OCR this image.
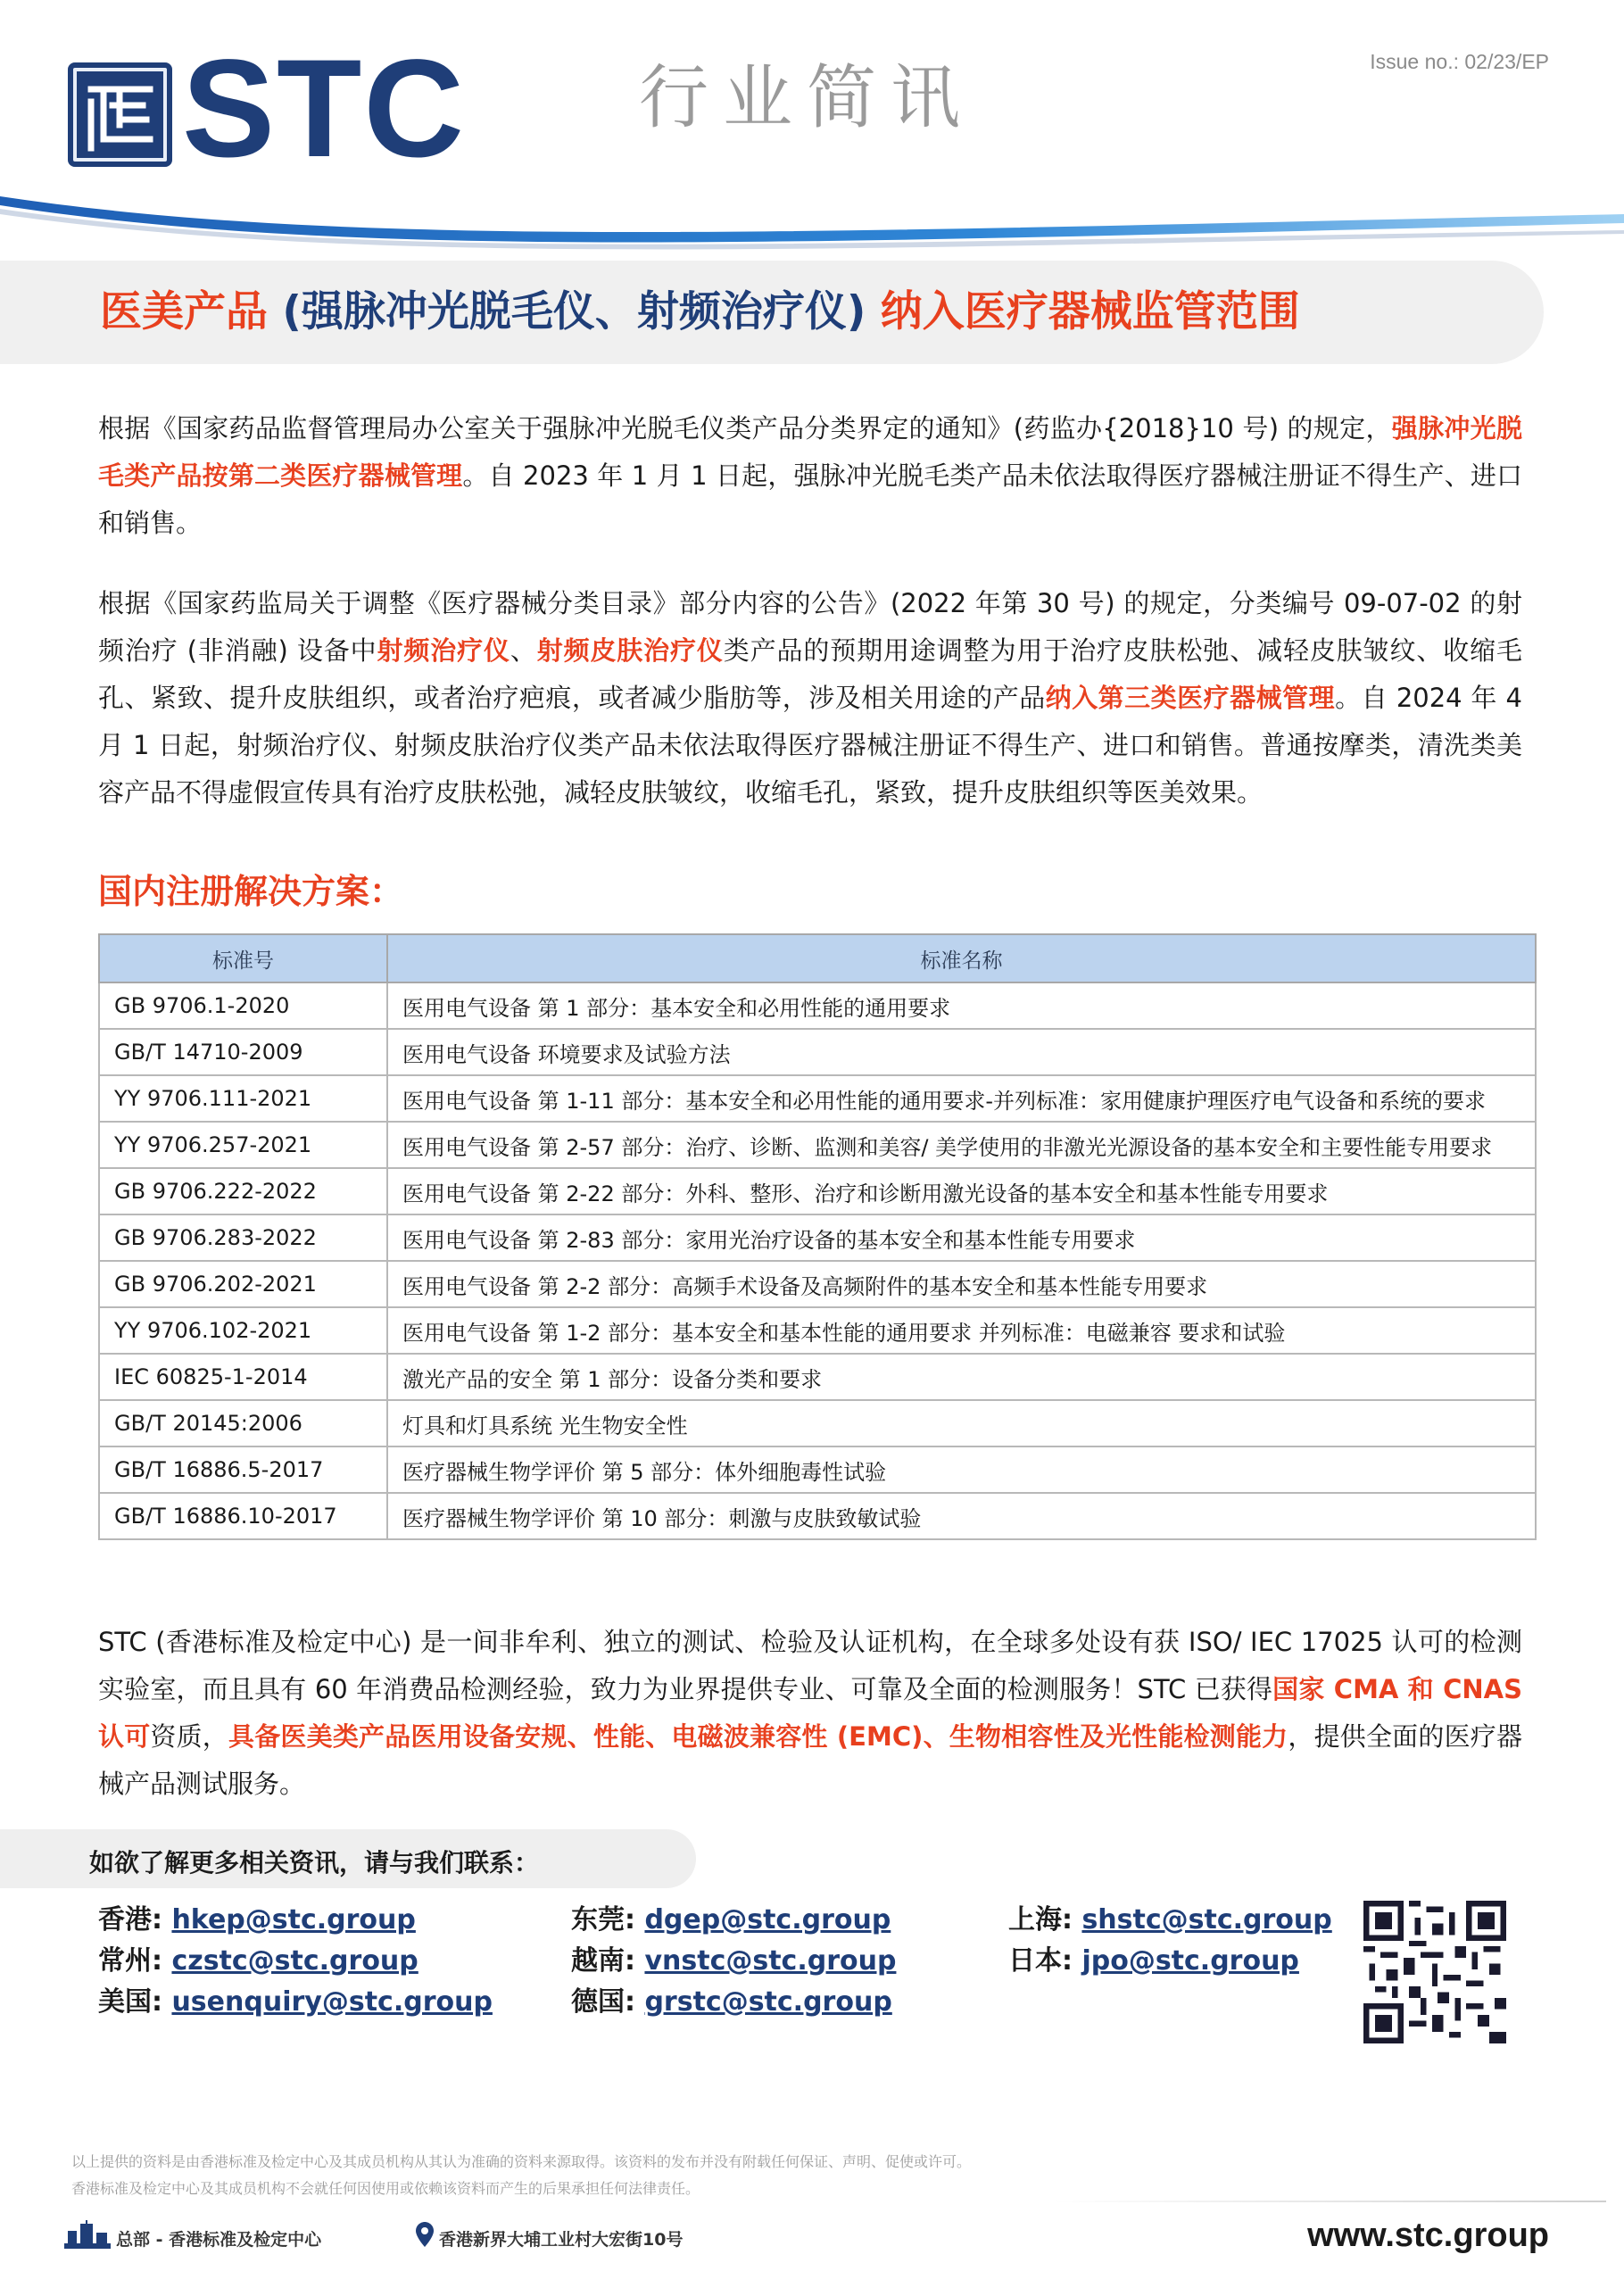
STC 行业简讯	Issue no.: 02/23/EP
医美产品 (强脉冲光脱毛仪、射频治疗仪) 纳入医疗器械监管范围
根据《国家药品监督管理局办公室关于强脉冲光脱毛仪类产品分类界定的通知》(药监办{2018}10 号) 的规定，强脉冲光脱毛类产品按第二类医疗器械管理。自 2023 年 1 月 1 日起，强脉冲光脱毛类产品未依法取得医疗器械注册证不得生产、进口和销售。
根据《国家药监局关于调整《医疗器械分类目录》部分内容的公告》(2022 年第 30 号) 的规定，分类编号 09-07-02 的射频治疗 (非消融) 设备中射频治疗仪、射频皮肤治疗仪类产品的预期用途调整为用于治疗皮肤松弛、减轻皮肤皱纹、收缩毛孔、紧致、提升皮肤组织，或者治疗疤痕，或者减少脂肪等，涉及相关用途的产品纳入第三类医疗器械管理。自 2024 年 4 月 1 日起，射频治疗仪、射频皮肤治疗仪类产品未依法取得医疗器械注册证不得生产、进口和销售。普通按摩类，清洗类美容产品不得虚假宣传具有治疗皮肤松弛，减轻皮肤皱纹，收缩毛孔，紧致，提升皮肤组织等医美效果。
国内注册解决方案：
标准号	标准名称
GB 9706.1-2020	医用电气设备 第 1 部分：基本安全和必用性能的通用要求
GB/T 14710-2009	医用电气设备 环境要求及试验方法
YY 9706.111-2021	医用电气设备 第 1-11 部分：基本安全和必用性能的通用要求-并列标准：家用健康护理医疗电气设备和系统的要求
YY 9706.257-2021	医用电气设备 第 2-57 部分：治疗、诊断、监测和美容/ 美学使用的非激光光源设备的基本安全和主要性能专用要求
GB 9706.222-2022	医用电气设备 第 2-22 部分：外科、整形、治疗和诊断用激光设备的基本安全和基本性能专用要求
GB 9706.283-2022	医用电气设备 第 2-83 部分：家用光治疗设备的基本安全和基本性能专用要求
GB 9706.202-2021	医用电气设备 第 2-2 部分：高频手术设备及高频附件的基本安全和基本性能专用要求
YY 9706.102-2021	医用电气设备 第 1-2 部分：基本安全和基本性能的通用要求 并列标准：电磁兼容 要求和试验
IEC 60825-1-2014	激光产品的安全 第 1 部分：设备分类和要求
GB/T 20145:2006	灯具和灯具系统 光生物安全性
GB/T 16886.5-2017	医疗器械生物学评价 第 5 部分：体外细胞毒性试验
GB/T 16886.10-2017	医疗器械生物学评价 第 10 部分：刺激与皮肤致敏试验
STC (香港标准及检定中心) 是一间非牟利、独立的测试、检验及认证机构，在全球多处设有获 ISO/ IEC 17025 认可的检测实验室，而且具有 60 年消费品检测经验，致力为业界提供专业、可靠及全面的检测服务！STC 已获得国家 CMA 和 CNAS 认可资质，具备医美类产品医用设备安规、性能、电磁波兼容性 (EMC)、生物相容性及光性能检测能力，提供全面的医疗器械产品测试服务。
如欲了解更多相关资讯，请与我们联系：
香港: hkep@stc.group	东莞: dgep@stc.group	上海: shstc@stc.group
常州: czstc@stc.group	越南: vnstc@stc.group	日本: jpo@stc.group
美国: usenquiry@stc.group	德国: grstc@stc.group
以上提供的资料是由香港标准及检定中心及其成员机构从其认为准确的资料来源取得。该资料的发布并没有附载任何保证、声明、促使或许可。
香港标准及检定中心及其成员机构不会就任何因使用或依赖该资料而产生的后果承担任何法律责任。
总部 - 香港标准及检定中心	香港新界大埔工业村大宏街10号	www.stc.group
